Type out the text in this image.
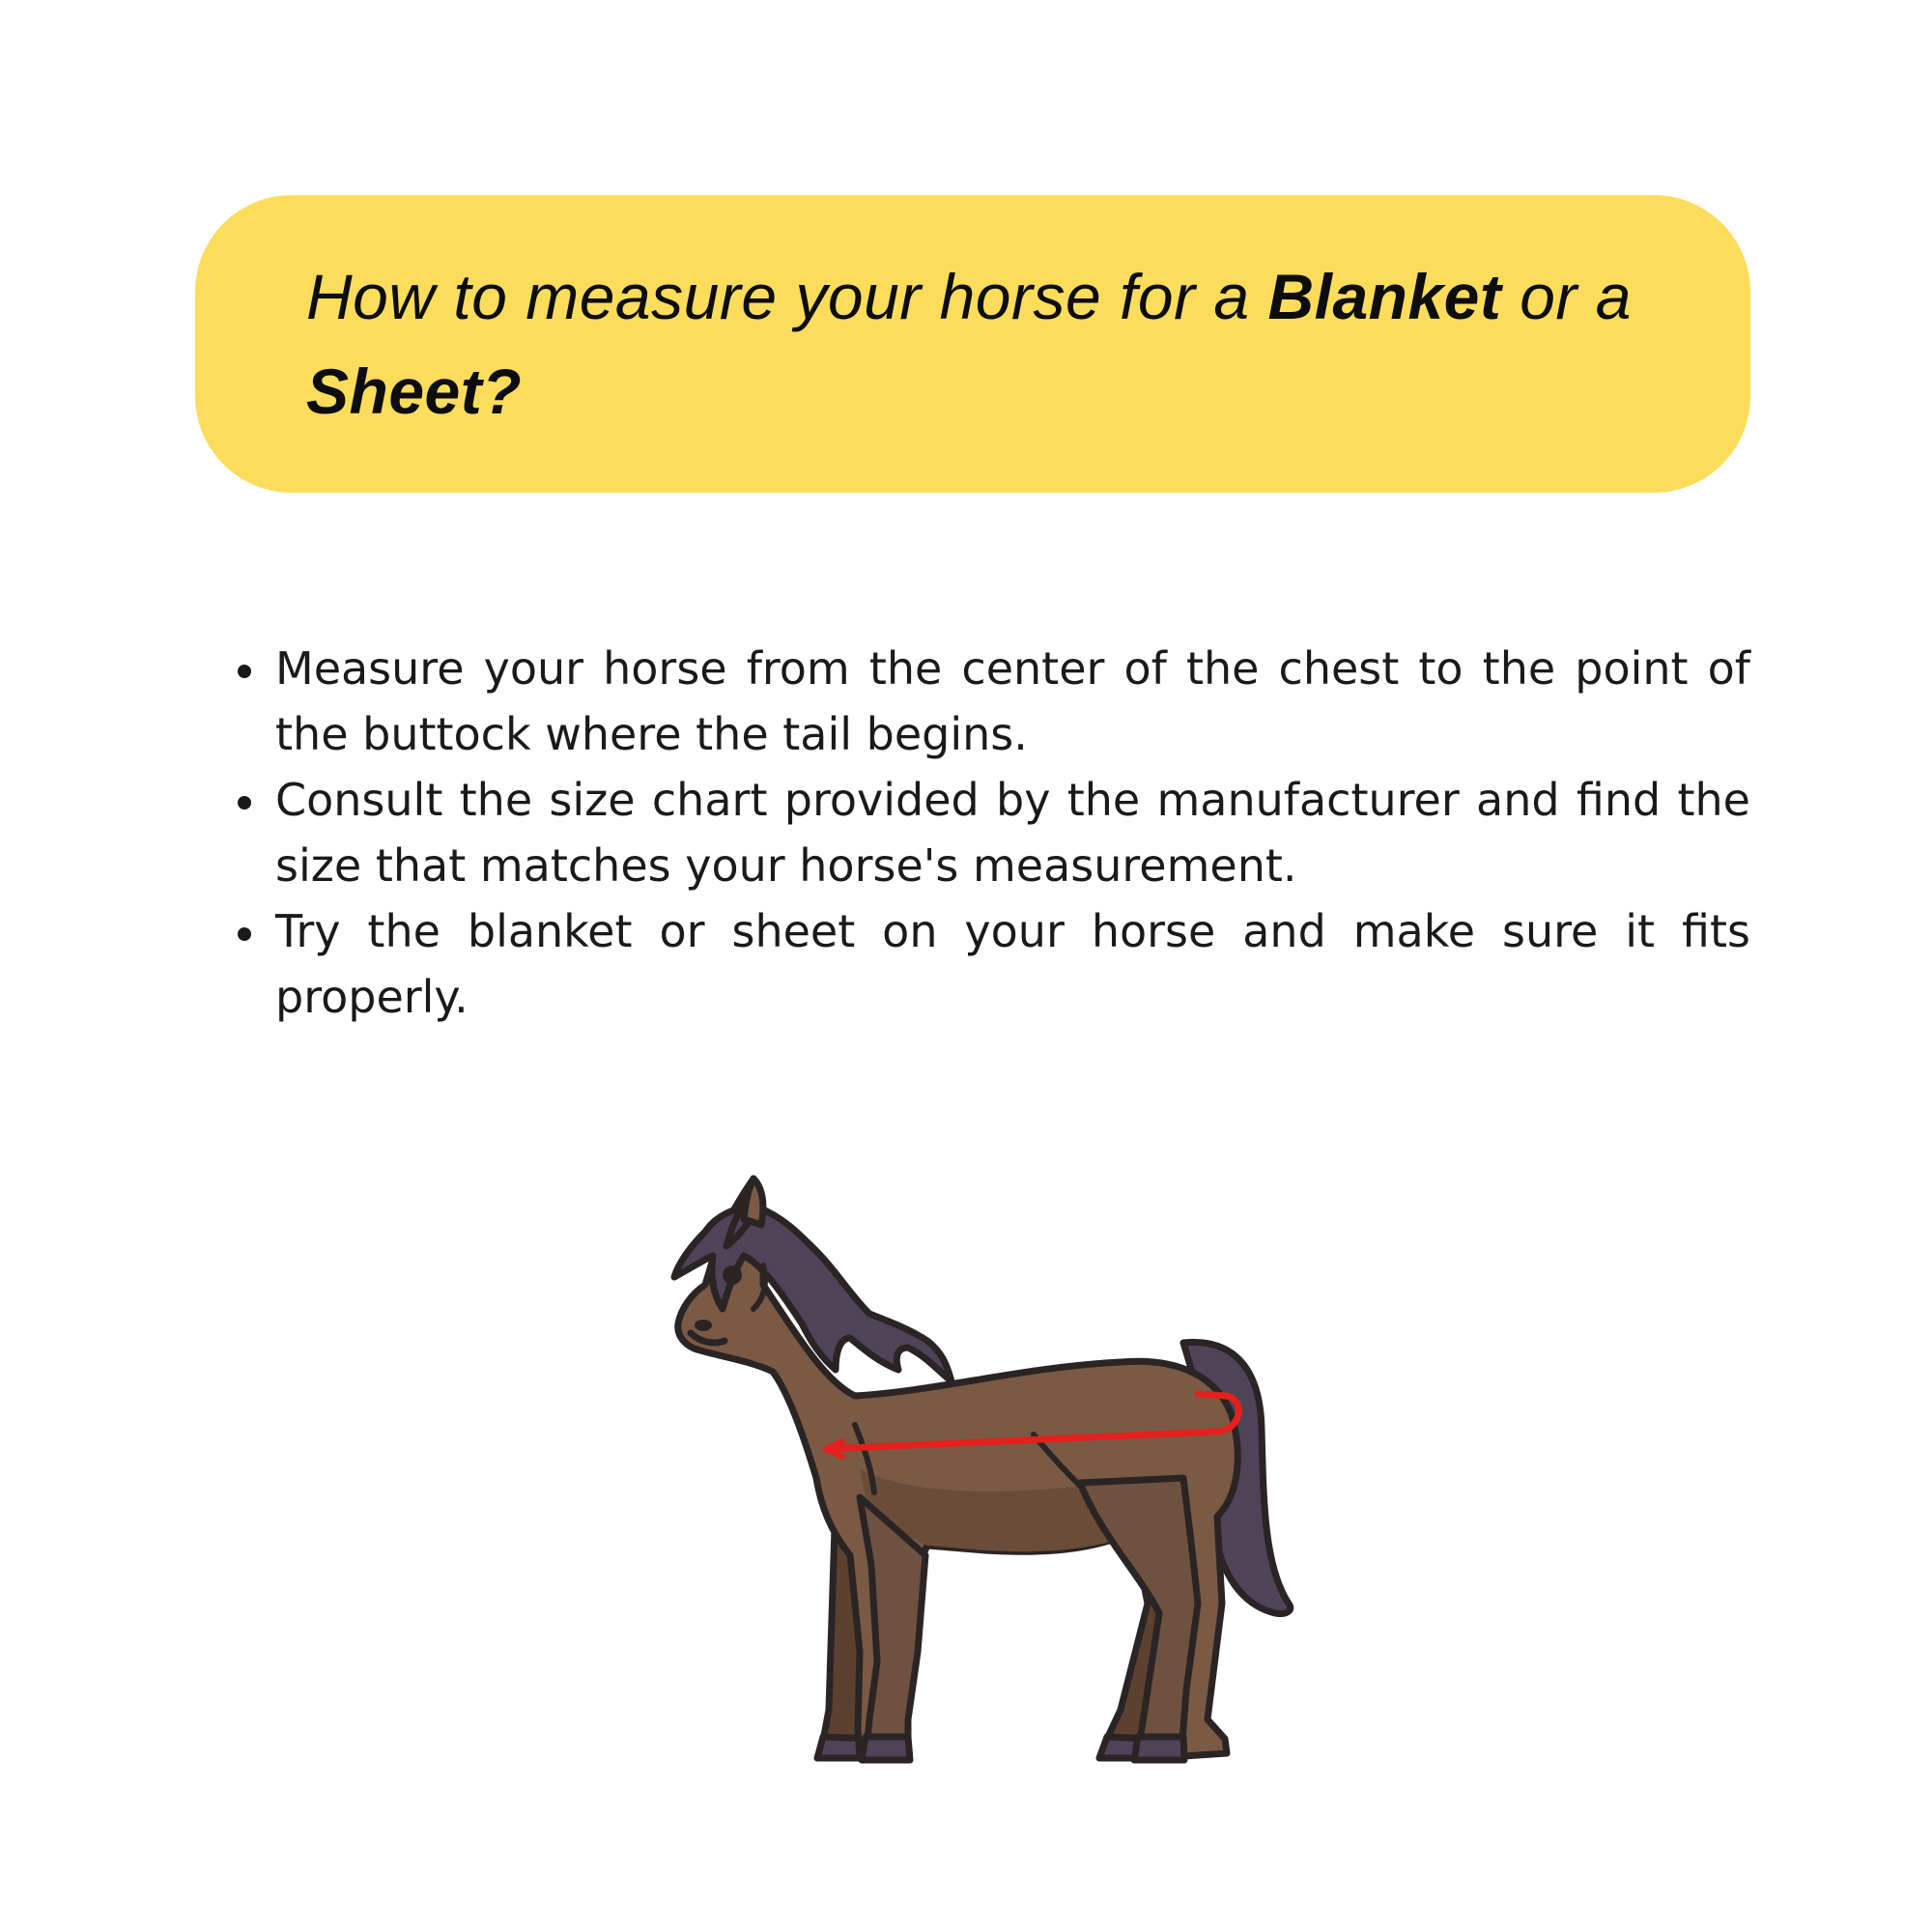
How to measure your horse for a Blanket or a Sheet?
Measure your horse from the center of the chest to the point of the buttock where the tail begins.
Consult the size chart provided by the manufacturer and find the size that matches your horse's measurement.
Try the blanket or sheet on your horse and make sure it fits properly.
